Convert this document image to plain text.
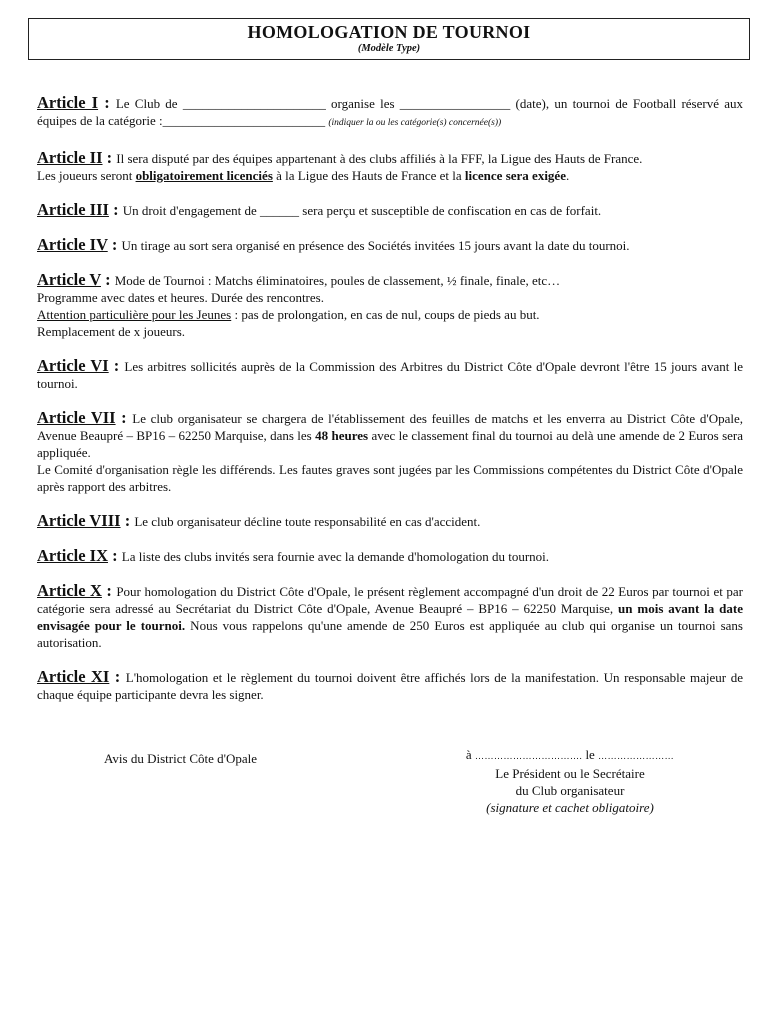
HOMOLOGATION DE TOURNOI
(Modèle Type)

Article I : Le Club de ______________________ organise les _________________ (date), un tournoi de Football réservé aux équipes de la catégorie :_________________________ (indiquer la ou les catégorie(s) concernée(s))

Article II : Il sera disputé par des équipes appartenant à des clubs affiliés à la FFF, la Ligue des Hauts de France.

Les joueurs seront obligatoirement licenciés à la Ligue des Hauts de France et la licence sera exigée.

Article III : Un droit d'engagement de ______ sera perçu et susceptible de confiscation en cas de forfait.

Article IV : Un tirage au sort sera organisé en présence des Sociétés invitées 15 jours avant la date du tournoi.

Article V : Mode de Tournoi : Matchs éliminatoires, poules de classement, ½ finale, finale, etc…

Programme avec dates et heures. Durée des rencontres.

Attention particulière pour les Jeunes : pas de prolongation, en cas de nul, coups de pieds au but.

Remplacement de x joueurs.

Article VI : Les arbitres sollicités auprès de la Commission des Arbitres du District Côte d'Opale devront l'être 15 jours avant le tournoi.

Article VII : Le club organisateur se chargera de l'établissement des feuilles de matchs et les enverra au District Côte d'Opale, Avenue Beaupré – BP16 – 62250 Marquise, dans les 48 heures avec le classement final du tournoi au delà une amende de 2 Euros sera appliquée.

Le Comité d'organisation règle les différends. Les fautes graves sont jugées par les Commissions compétentes du District Côte d'Opale après rapport des arbitres.

Article VIII : Le club organisateur décline toute responsabilité en cas d'accident.

Article IX : La liste des clubs invités sera fournie avec la demande d'homologation du tournoi.

Article X : Pour homologation du District Côte d'Opale, le présent règlement accompagné d'un droit de 22 Euros par tournoi et par catégorie sera adressé au Secrétariat du District Côte d'Opale, Avenue Beaupré – BP16 – 62250 Marquise, un mois avant la date envisagée pour le tournoi. Nous vous rappelons qu'une amende de 250 Euros est appliquée au club qui organise un tournoi sans autorisation.

Article XI : L'homologation et le règlement du tournoi doivent être affichés lors de la manifestation. Un responsable majeur de chaque équipe participante devra les signer.

Avis du District Côte d'Opale	à ……………………………. le ……………………
Le Président ou le Secrétaire
du Club organisateur
(signature et cachet obligatoire)
